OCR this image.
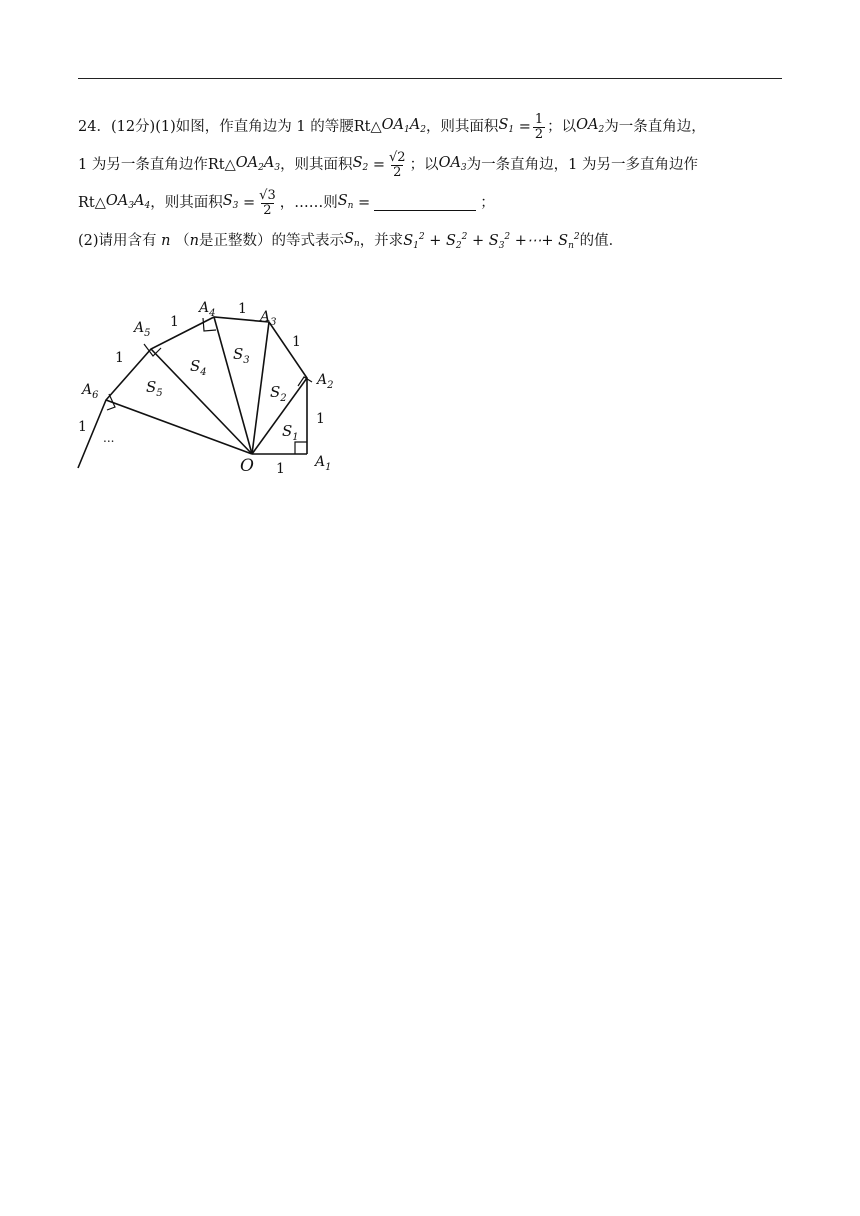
24． (12分) (1) 如图，作直角边为 1 的等腰 Rt△ $OA_1A_2$ ，则其面积 $S_1 = \frac{1}{2}$ ；以 $OA_2$ 为一条直角边，
1 为另一条直角边作 Rt△ $OA_2A_3$ ，则其面积 $S_2 = \frac{√2}{2}$ ；以 $OA_3$ 为一条直角边，1 为另一多直角边作
Rt△ $OA_3A_4$ ，则其面积 $S_3 = \frac{√3}{2}$ ，……则 $S_n$ =	；
(2) 请用含有 n （ n 是正整数）的等式表示 $S_n$ ，并求 $S_1^2 + S_2^2 + S_3^2$ +⋯+ $S_n^2$ 的值．
O	$A_1$
$A_2$
$A_3$
$A_4$
$A_5$
$A_6$
$S_1$
$S_2$
$S_3$
$S_4$
$S_5$
1
1
1
1
1
1
1
...
